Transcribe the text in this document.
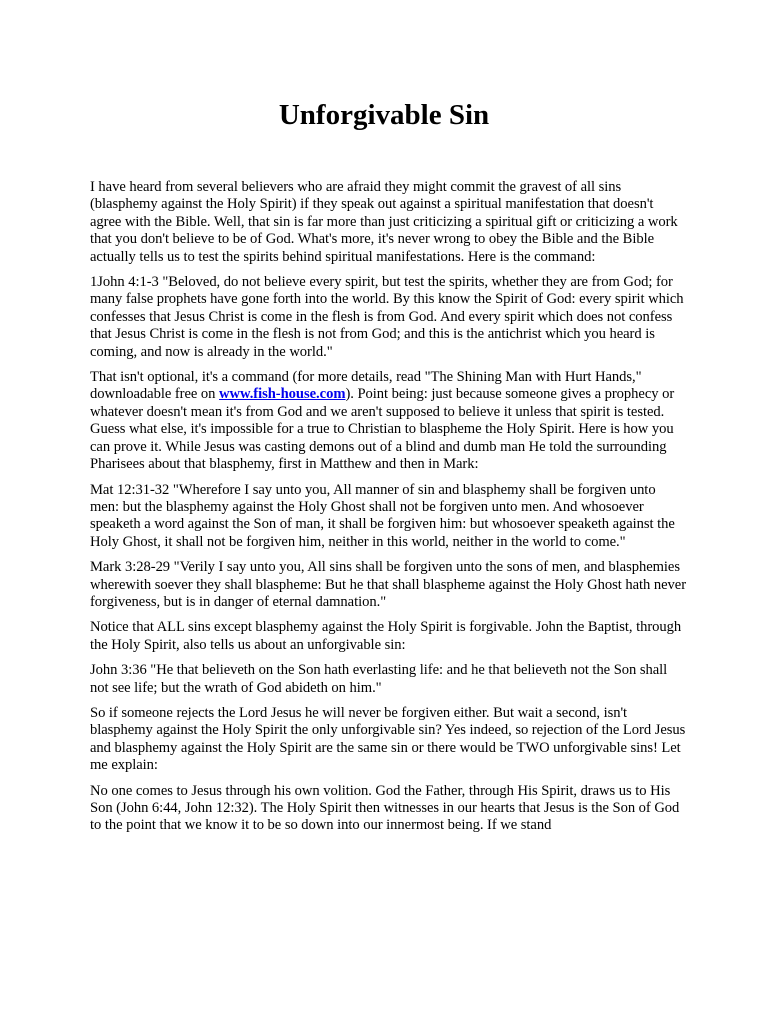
Unforgivable Sin

I have heard from several believers who are afraid they might commit the gravest of all sins (blasphemy against the Holy Spirit) if they speak out against a spiritual manifestation that doesn't agree with the Bible. Well, that sin is far more than just criticizing a spiritual gift or criticizing a work that you don't believe to be of God. What's more, it's never wrong to obey the Bible and the Bible actually tells us to test the spirits behind spiritual manifestations. Here is the command:

1John 4:1-3 "Beloved, do not believe every spirit, but test the spirits, whether they are from God; for many false prophets have gone forth into the world. By this know the Spirit of God: every spirit which confesses that Jesus Christ is come in the flesh is from God. And every spirit which does not confess that Jesus Christ is come in the flesh is not from God; and this is the antichrist which you heard is coming, and now is already in the world."

That isn't optional, it's a command (for more details, read "The Shining Man with Hurt Hands," downloadable free on www.fish-house.com). Point being: just because someone gives a prophecy or whatever doesn't mean it's from God and we aren't supposed to believe it unless that spirit is tested. Guess what else, it's impossible for a true to Christian to blaspheme the Holy Spirit. Here is how you can prove it. While Jesus was casting demons out of a blind and dumb man He told the surrounding Pharisees about that blasphemy, first in Matthew and then in Mark:

Mat 12:31-32 "Wherefore I say unto you, All manner of sin and blasphemy shall be forgiven unto men: but the blasphemy against the Holy Ghost shall not be forgiven unto men. And whosoever speaketh a word against the Son of man, it shall be forgiven him: but whosoever speaketh against the Holy Ghost, it shall not be forgiven him, neither in this world, neither in the world to come."

Mark 3:28-29 "Verily I say unto you, All sins shall be forgiven unto the sons of men, and blasphemies wherewith soever they shall blaspheme: But he that shall blaspheme against the Holy Ghost hath never forgiveness, but is in danger of eternal damnation."

Notice that ALL sins except blasphemy against the Holy Spirit is forgivable. John the Baptist, through the Holy Spirit, also tells us about an unforgivable sin:

John 3:36 "He that believeth on the Son hath everlasting life: and he that believeth not the Son shall not see life; but the wrath of God abideth on him."

So if someone rejects the Lord Jesus he will never be forgiven either. But wait a second, isn't blasphemy against the Holy Spirit the only unforgivable sin? Yes indeed, so rejection of the Lord Jesus and blasphemy against the Holy Spirit are the same sin or there would be TWO unforgivable sins! Let me explain:

No one comes to Jesus through his own volition. God the Father, through His Spirit, draws us to His Son (John 6:44, John 12:32). The Holy Spirit then witnesses in our hearts that Jesus is the Son of God to the point that we know it to be so down into our innermost being. If we stand
